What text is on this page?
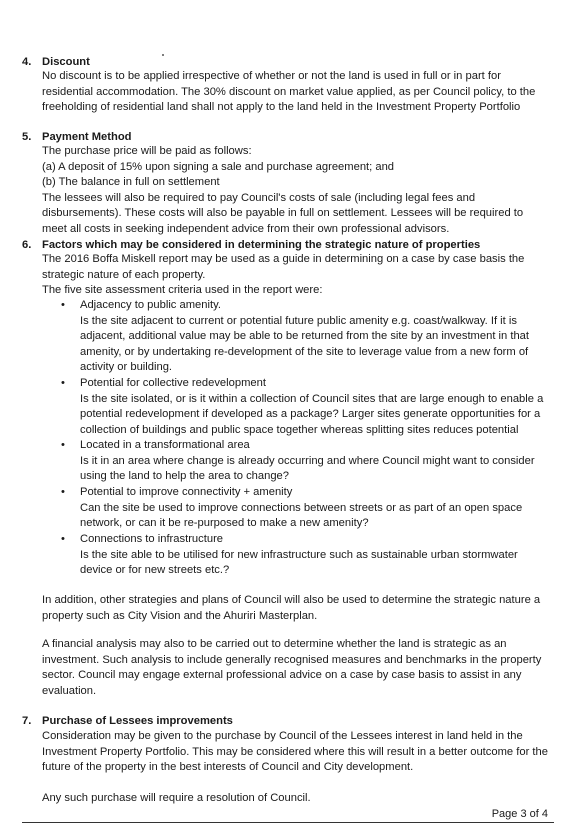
4. Discount
No discount is to be applied irrespective of whether or not the land is used in full or in part for
residential accommodation. The 30% discount on market value applied, as per Council policy, to the
freeholding of residential land shall not apply to the land held in the Investment Property Portfolio
5. Payment Method
The purchase price will be paid as follows:
(a) A deposit of 15% upon signing a sale and purchase agreement; and
(b) The balance in full on settlement
The lessees will also be required to pay Council's costs of sale (including legal fees and
disbursements). These costs will also be payable in full on settlement. Lessees will be required to
meet all costs in seeking independent advice from their own professional advisors.
6. Factors which may be considered in determining the strategic nature of properties
The 2016 Boffa Miskell report may be used as a guide in determining on a case by case basis the
strategic nature of each property.
The five site assessment criteria used in the report were:
• Adjacency to public amenity.
Is the site adjacent to current or potential future public amenity e.g. coast/walkway. If it is
adjacent, additional value may be able to be returned from the site by an investment in that
amenity, or by undertaking re-development of the site to leverage value from a new form of
activity or building.
• Potential for collective redevelopment
Is the site isolated, or is it within a collection of Council sites that are large enough to enable a
potential redevelopment if developed as a package? Larger sites generate opportunities for a
collection of buildings and public space together whereas splitting sites reduces potential
• Located in a transformational area
Is it in an area where change is already occurring and where Council might want to consider
using the land to help the area to change?
• Potential to improve connectivity + amenity
Can the site be used to improve connections between streets or as part of an open space
network, or can it be re-purposed to make a new amenity?
• Connections to infrastructure
Is the site able to be utilised for new infrastructure such as sustainable urban stormwater
device or for new streets etc.?
In addition, other strategies and plans of Council will also be used to determine the strategic nature a
property such as City Vision and the Ahuriri Masterplan.
A financial analysis may also to be carried out to determine whether the land is strategic as an
investment. Such analysis to include generally recognised measures and benchmarks in the property
sector. Council may engage external professional advice on a case by case basis to assist in any
evaluation.
7. Purchase of Lessees improvements
Consideration may be given to the purchase by Council of the Lessees interest in land held in the
Investment Property Portfolio. This may be considered where this will result in a better outcome for the
future of the property in the best interests of Council and City development.
Any such purchase will require a resolution of Council.
Page 3 of 4
